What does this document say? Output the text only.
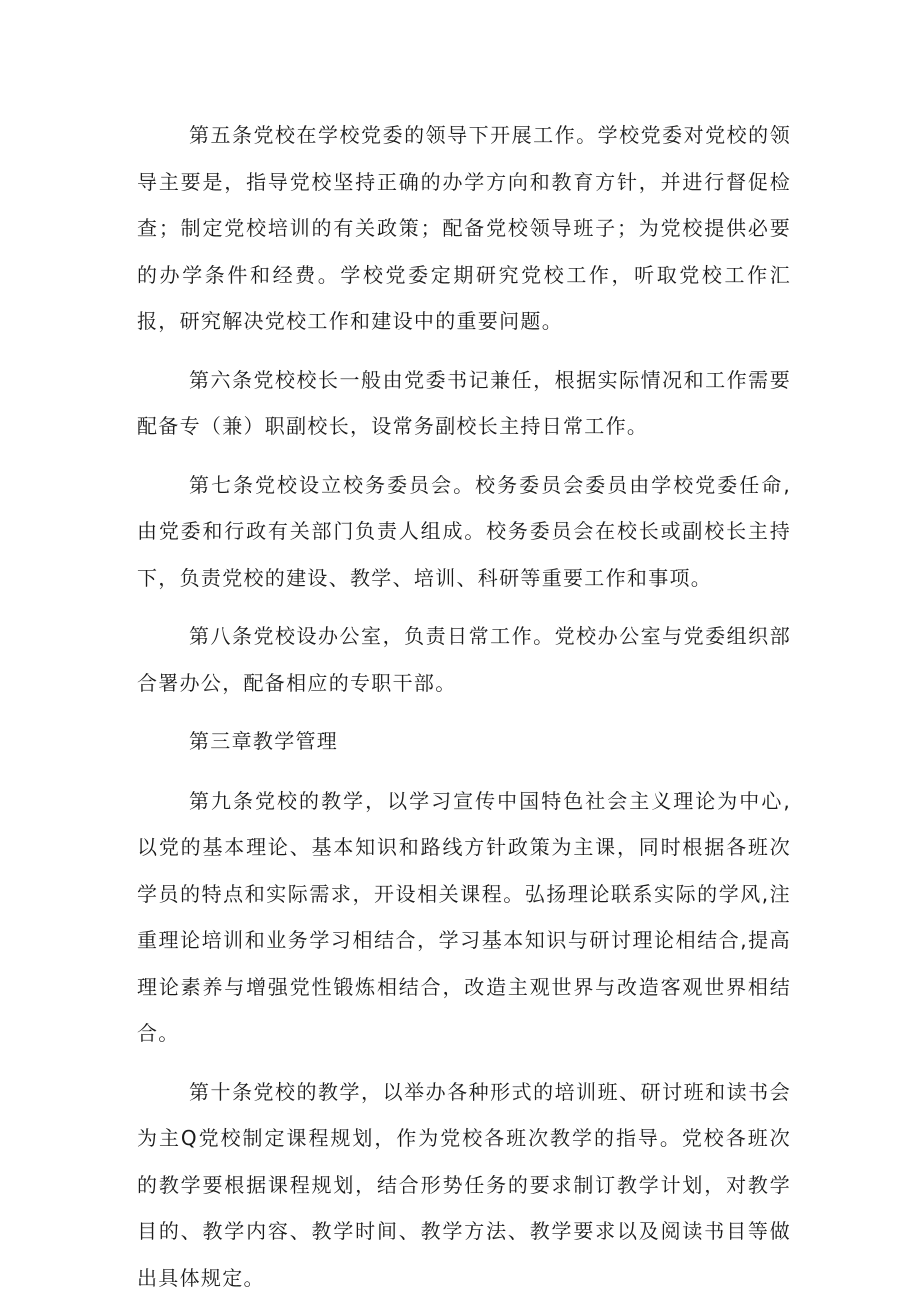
第五条党校在学校党委的领导下开展工作。学校党委对党校的领导主要是，指导党校坚持正确的办学方向和教育方针，并进行督促检查；制定党校培训的有关政策；配备党校领导班子；为党校提供必要的办学条件和经费。学校党委定期研究党校工作，听取党校工作汇报，研究解决党校工作和建设中的重要问题。

第六条党校校长一般由党委书记兼任，根据实际情况和工作需要配备专（兼）职副校长，设常务副校长主持日常工作。

第七条党校设立校务委员会。校务委员会委员由学校党委任命,由党委和行政有关部门负责人组成。校务委员会在校长或副校长主持下，负责党校的建设、教学、培训、科研等重要工作和事项。

第八条党校设办公室，负责日常工作。党校办公室与党委组织部合署办公，配备相应的专职干部。

第三章教学管理

第九条党校的教学，以学习宣传中国特色社会主义理论为中心,以党的基本理论、基本知识和路线方针政策为主课，同时根据各班次学员的特点和实际需求，开设相关课程。弘扬理论联系实际的学风,注重理论培训和业务学习相结合，学习基本知识与研讨理论相结合,提高理论素养与增强党性锻炼相结合，改造主观世界与改造客观世界相结合。

第十条党校的教学，以举办各种形式的培训班、研讨班和读书会为主Q党校制定课程规划，作为党校各班次教学的指导。党校各班次的教学要根据课程规划，结合形势任务的要求制订教学计划，对教学目的、教学内容、教学时间、教学方法、教学要求以及阅读书目等做出具体规定。
